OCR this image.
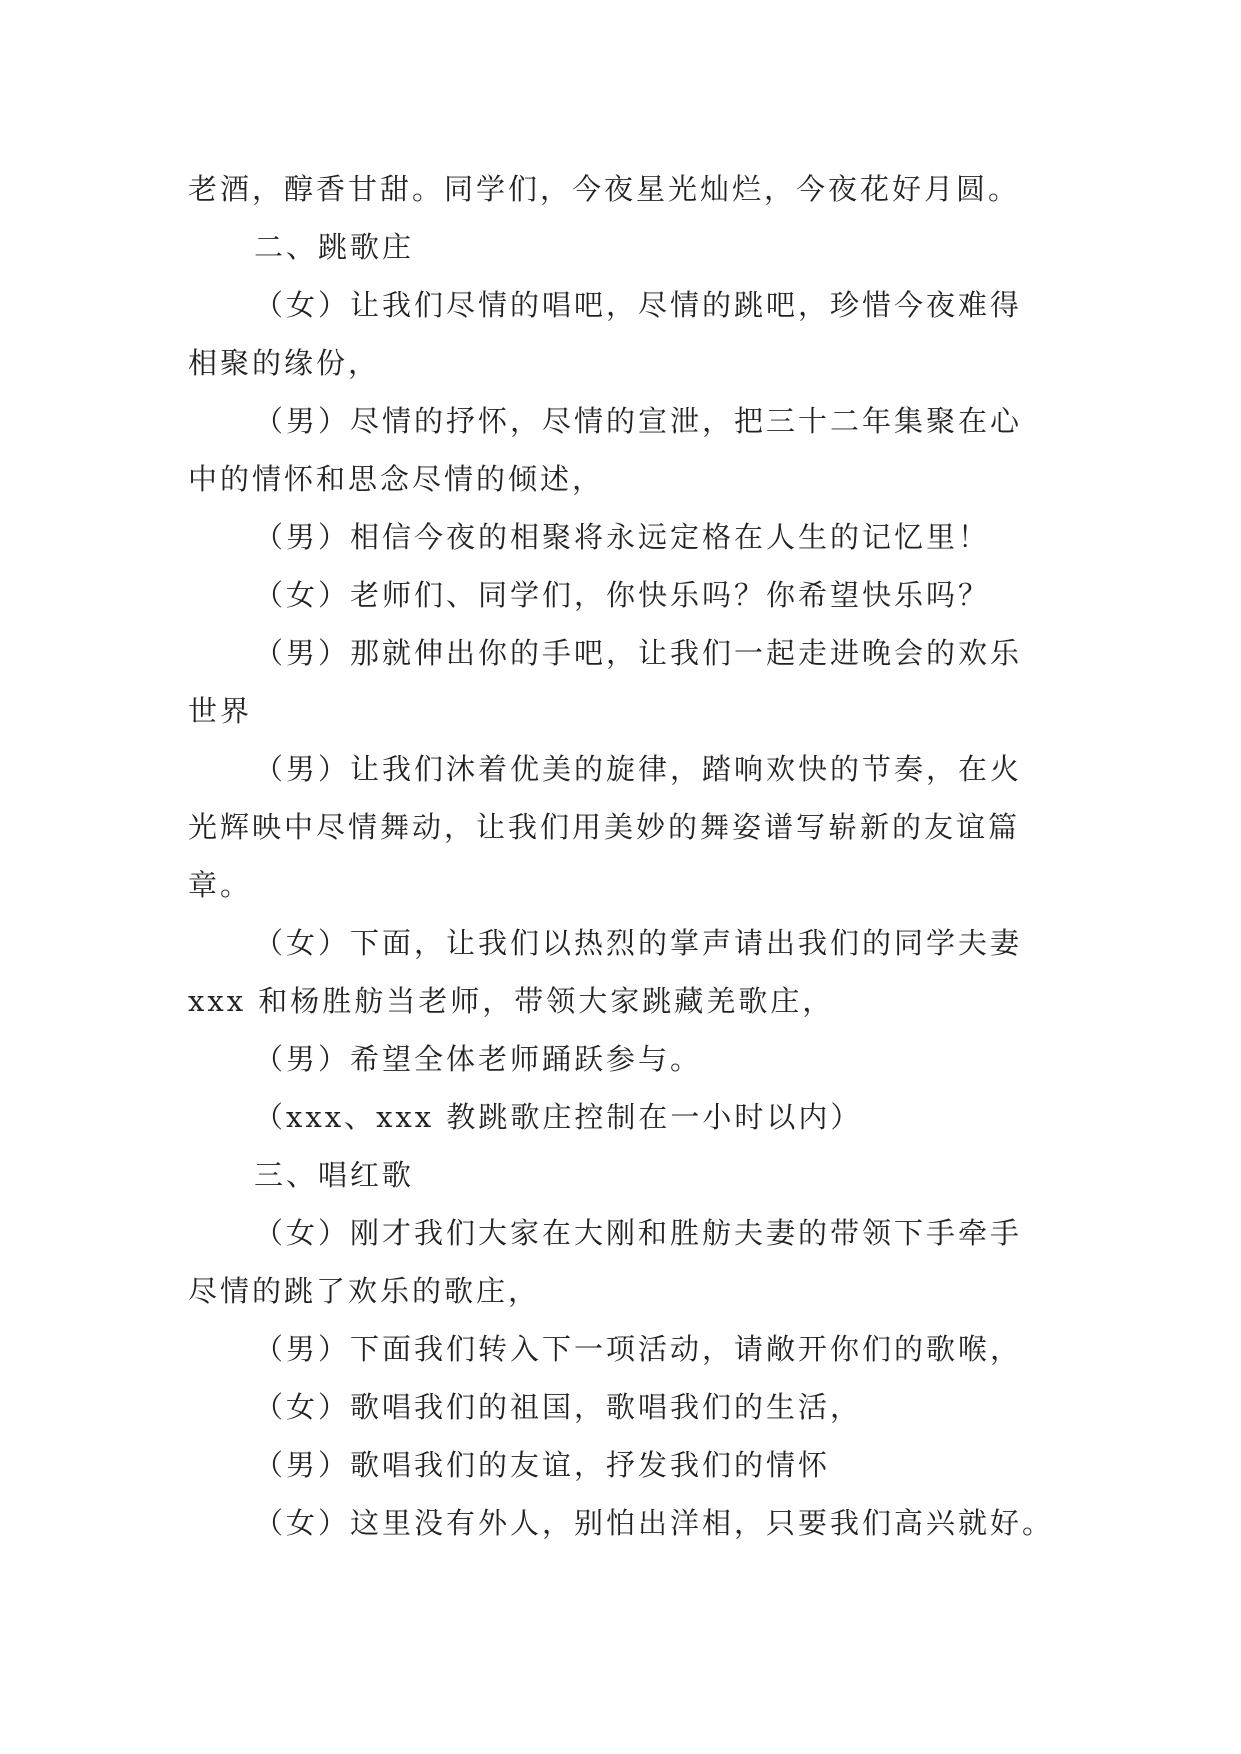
老酒，醇香甘甜。同学们，今夜星光灿烂，今夜花好月圆。
二、跳歌庄
（女）让我们尽情的唱吧，尽情的跳吧，珍惜今夜难得
相聚的缘份，
（男）尽情的抒怀，尽情的宣泄，把三十二年集聚在心
中的情怀和思念尽情的倾述，
（男）相信今夜的相聚将永远定格在人生的记忆里！
（女）老师们、同学们，你快乐吗？你希望快乐吗？
（男）那就伸出你的手吧，让我们一起走进晚会的欢乐
世界
（男）让我们沐着优美的旋律，踏响欢快的节奏，在火
光辉映中尽情舞动，让我们用美妙的舞姿谱写崭新的友谊篇
章。
（女）下面，让我们以热烈的掌声请出我们的同学夫妻
xxx 和杨胜舫当老师，带领大家跳藏羌歌庄，
（男）希望全体老师踊跃参与。
（xxx、xxx 教跳歌庄控制在一小时以内）
三、唱红歌
（女）刚才我们大家在大刚和胜舫夫妻的带领下手牵手
尽情的跳了欢乐的歌庄，
（男）下面我们转入下一项活动，请敞开你们的歌喉，
（女）歌唱我们的祖国，歌唱我们的生活，
（男）歌唱我们的友谊，抒发我们的情怀
（女）这里没有外人，别怕出洋相，只要我们高兴就好。
